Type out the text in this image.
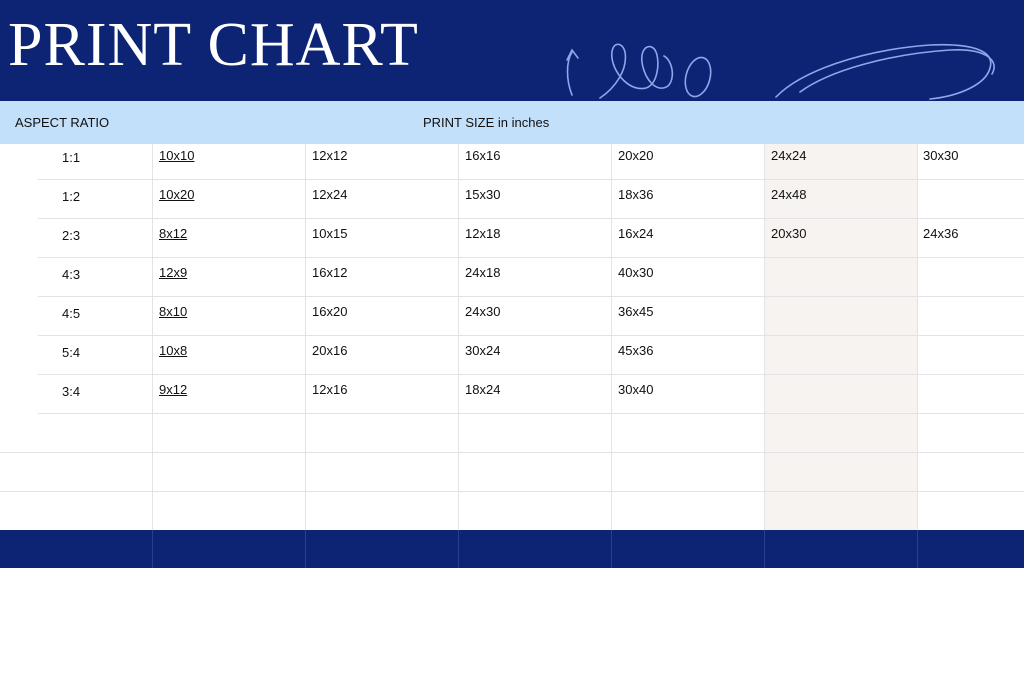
PRINT CHART
ASPECT RATIO	PRINT SIZE in inches
1:1	10x10	12x12	16x16	20x20	24x24	30x30
1:2	10x20	12x24	15x30	18x36	24x48
2:3	8x12	10x15	12x18	16x24	20x30	24x36
4:3	12x9	16x12	24x18	40x30
4:5	8x10	16x20	24x30	36x45
5:4	10x8	20x16	30x24	45x36
3:4	9x12	12x16	18x24	30x40
